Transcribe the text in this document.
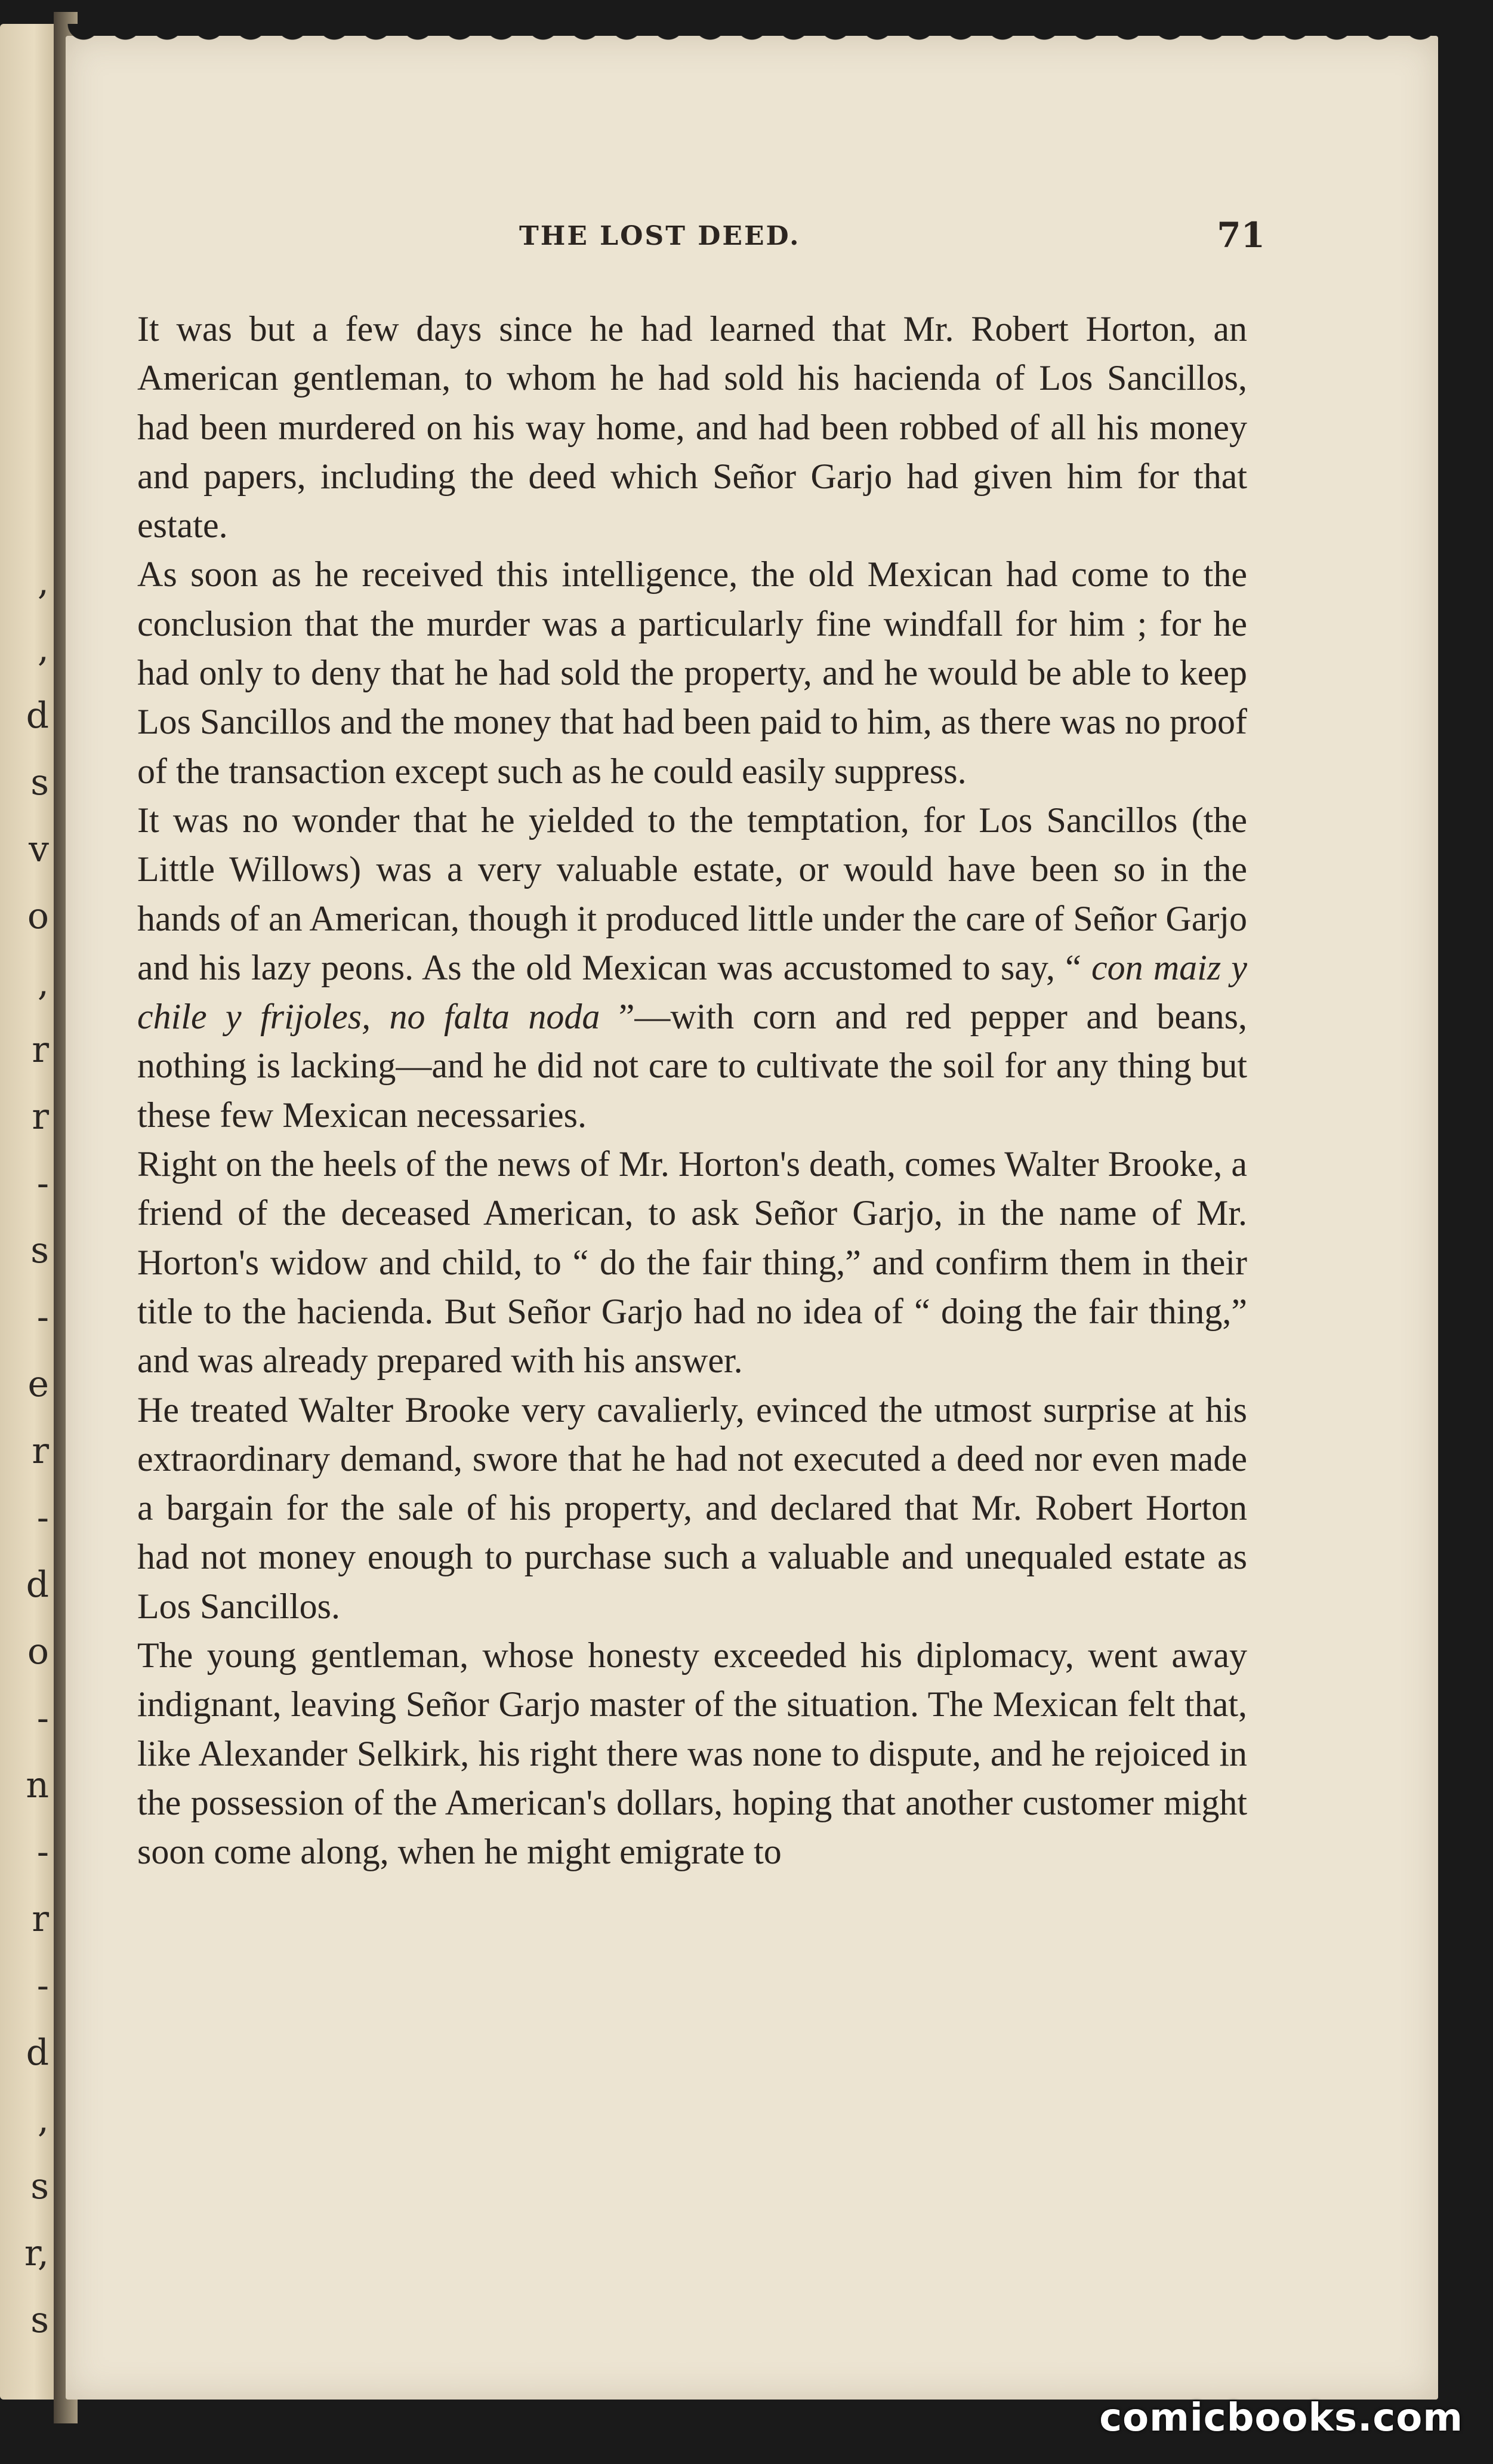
,
,
d
s
v
o
,
r
r
-
s
-
e
r
-
d
o
-
n
-
r
-
d
,
s
r,
s
THE LOST DEED.	71

It was but a few days since he had learned that Mr. Robert Horton, an American gentleman, to whom he had sold his hacienda of Los Sancillos, had been murdered on his way home, and had been robbed of all his money and papers, including the deed which Señor Garjo had given him for that estate.

As soon as he received this intelligence, the old Mexican had come to the conclusion that the murder was a particularly fine windfall for him ; for he had only to deny that he had sold the property, and he would be able to keep Los Sancillos and the money that had been paid to him, as there was no proof of the transaction except such as he could easily suppress.

It was no wonder that he yielded to the temptation, for Los Sancillos (the Little Willows) was a very valuable estate, or would have been so in the hands of an American, though it produced little under the care of Señor Garjo and his lazy peons. As the old Mexican was accustomed to say, “ con maiz y chile y frijoles, no falta noda ”—with corn and red pepper and beans, nothing is lacking—and he did not care to cultivate the soil for any thing but these few Mexican necessaries.

Right on the heels of the news of Mr. Horton's death, comes Walter Brooke, a friend of the deceased American, to ask Señor Garjo, in the name of Mr. Horton's widow and child, to “ do the fair thing,” and confirm them in their title to the hacienda. But Señor Garjo had no idea of “ doing the fair thing,” and was already prepared with his answer.

He treated Walter Brooke very cavalierly, evinced the utmost surprise at his extraordinary demand, swore that he had not executed a deed nor even made a bargain for the sale of his property, and declared that Mr. Robert Horton had not money enough to purchase such a valuable and unequaled estate as Los Sancillos.

The young gentleman, whose honesty exceeded his diplomacy, went away indignant, leaving Señor Garjo master of the situation. The Mexican felt that, like Alexander Selkirk, his right there was none to dispute, and he rejoiced in the possession of the American's dollars, hoping that another customer might soon come along, when he might emigrate to

comicbooks.com
